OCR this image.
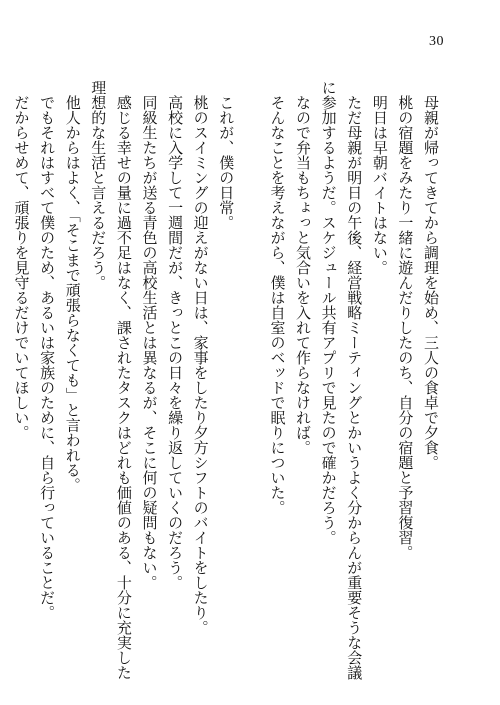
30
母親が帰ってきてから調理を始め、三人の食卓で夕食。
桃の宿題をみたり一緒に遊んだりしたのち、自分の宿題と予習復習。
明日は早朝バイトはない。
ただ母親が明日の午後、経営戦略ミーティングとかいうよく分からんが重要そうな会議
に参加するようだ。スケジュール共有アプリで見たので確かだろう。
なので弁当もちょっと気合いを入れて作らなければ。
そんなことを考えながら、僕は自室のベッドで眠りについた。
これが、僕の日常。
桃のスイミングの迎えがない日は、家事をしたり夕方シフトのバイトをしたり。
高校に入学して一週間だが、きっとこの日々を繰り返していくのだろう。
同級生たちが送る青色の高校生活とは異なるが、そこに何の疑問もない。
感じる幸せの量に過不足はなく、課されたタスクはどれも価値のある、十分に充実した
理想的な生活と言えるだろう。
他人からはよく、「そこまで頑張らなくても」と言われる。
でもそれはすべて僕のため、あるいは家族のために、自ら行っていることだ。
だからせめて、頑張りを見守るだけでいてほしい。
